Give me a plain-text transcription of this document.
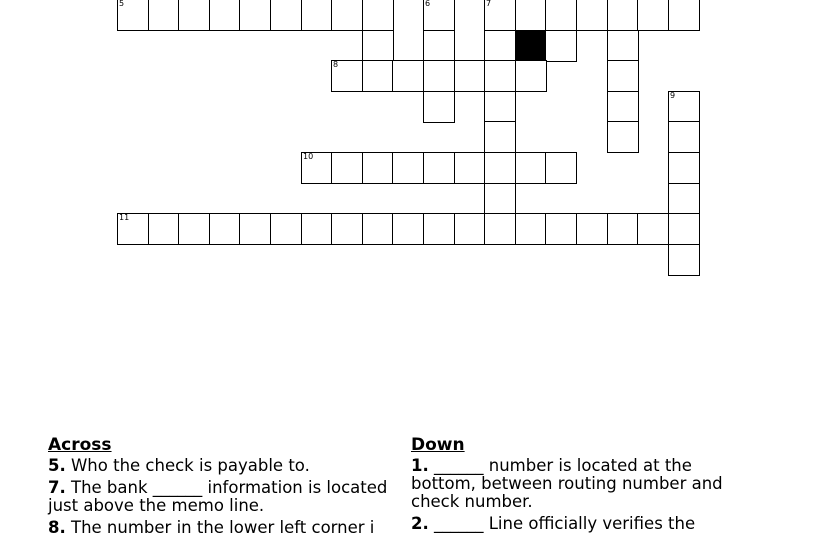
5	6	7
8
9
10
11
Across
5. Who the check is payable to.
7. The bank ______ information is located just above the memo line.
8. The number in the lower left corner i
Down
1. ______ number is located at the bottom, between routing number and check number.
2. ______ Line officially verifies the
